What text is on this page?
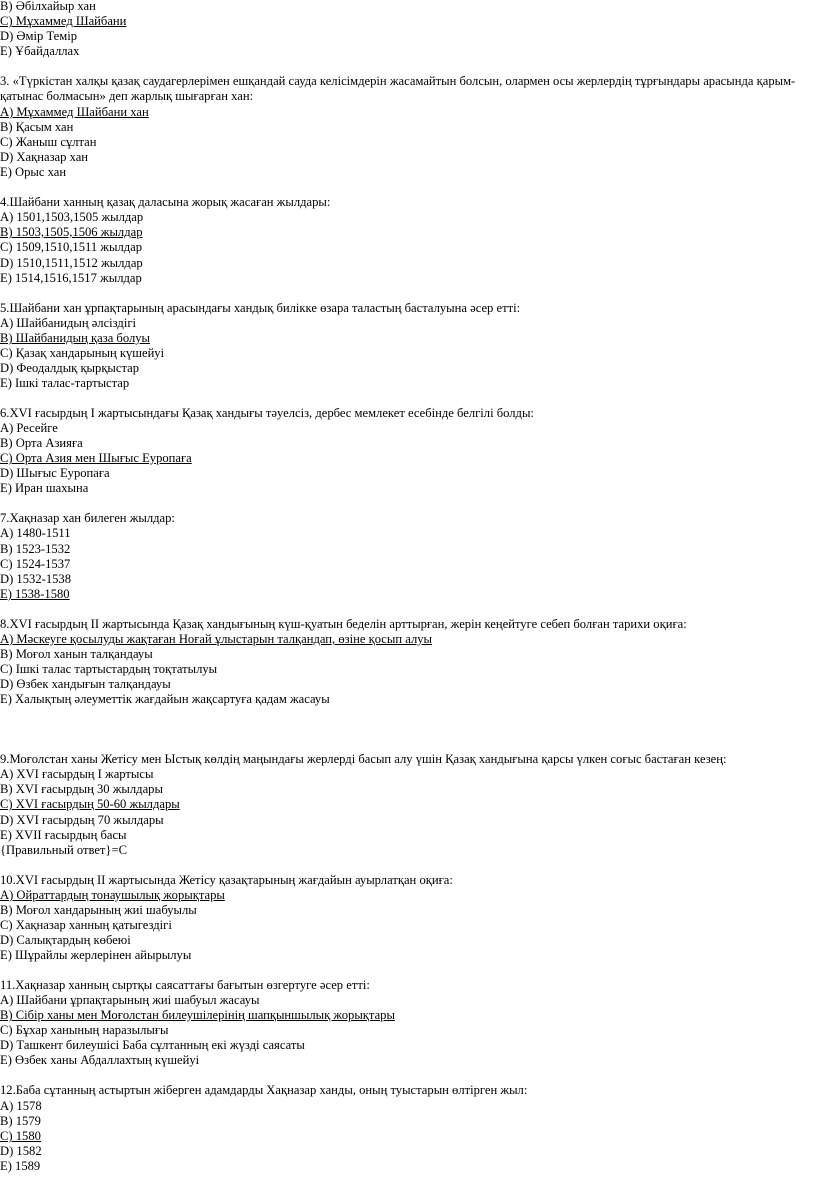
В) Әбілхайыр хан
С) Мұхаммед Шайбани
D) Әмір Темір
Е) Ұбайдаллах
3. «Түркістан халқы қазақ саудагерлерімен ешқандай сауда келісімдерін жасамайтын болсын, олармен осы жерлердің тұрғындары арасында қарым-қатынас болмасын» деп жарлық шығарған хан:
А) Мұхаммед Шайбани хан
В) Қасым хан
С) Жаныш сұлтан
D) Хақназар хан
Е) Орыс хан
4.Шайбани ханның қазақ даласына жорық жасаған жылдары:
А) 1501,1503,1505 жылдар
В) 1503,1505,1506 жылдар
С) 1509,1510,1511 жылдар
D) 1510,1511,1512 жылдар
Е) 1514,1516,1517 жылдар
5.Шайбани хан ұрпақтарының арасындағы хандық билікке өзара таластың басталуына әсер етті:
А) Шайбанидың әлсіздігі
В) Шайбанидың қаза болуы
С) Қазақ хандарының күшейуі
D) Феодалдық қырқыстар
Е) Ішкі талас-тартыстар
6.XVI ғасырдың I жартысындағы Қазақ хандығы тәуелсіз, дербес мемлекет есебінде белгілі болды:
А) Ресейге
В) Орта Азияға
С) Орта Азия мен Шығыс Еуропаға
D) Шығыс Еуропаға
Е) Иран шахына
7.Хақназар хан билеген жылдар:
А) 1480-1511
В) 1523-1532
С) 1524-1537
D) 1532-1538
Е) 1538-1580
8.XVI ғасырдың II жартысында Қазақ хандығының күш-қуатын беделін арттырған, жерін кеңейтуге себеп болған тарихи оқиға:
А) Мәскеуге қосылуды жақтаған Ноғай ұлыстарын талқандап, өзіне қосып алуы
В) Моғол ханын талқандауы
С) Ішкі талас тартыстардың тоқтатылуы
D) Өзбек хандығын талқандауы
Е) Халықтың әлеуметтік жағдайын жақсартуға қадам жасауы
9.Моғолстан ханы Жетісу мен Ыстық көлдің маңындағы жерлерді басып алу үшін Қазақ хандығына қарсы үлкен соғыс бастаған кезең:
А) XVI ғасырдың I жартысы
В) XVI ғасырдың 30 жылдары
С) XVI ғасырдың 50-60 жылдары
D) XVI ғасырдың 70 жылдары
Е) XVII ғасырдың басы
{Правильный ответ}=С
10.XVI ғасырдың II жартысында Жетісу қазақтарының жағдайын ауырлатқан оқиға:
А) Ойраттардың тонаушылық жорықтары
В) Моғол хандарының жиі шабуылы
С) Хақназар ханның қатыгездігі
D) Салықтардың көбеюі
Е) Шұрайлы жерлерінен айырылуы
11.Хақназар ханның сыртқы саясаттағы бағытын өзгертуге әсер етті:
А) Шайбани ұрпақтарының жиі шабуыл жасауы
В) Сібір ханы мен Моғолстан билеушілерінің шапқыншылық жорықтары
С) Бұхар ханының наразылығы
D) Ташкент билеушісі Баба сұлтанның екі жүзді саясаты
Е) Өзбек ханы Абдаллахтың күшейуі
12.Баба сұтанның астыртын жіберген адамдарды Хақназар ханды, оның туыстарын өлтірген жыл:
А) 1578
В) 1579
С) 1580
D) 1582
Е) 1589
